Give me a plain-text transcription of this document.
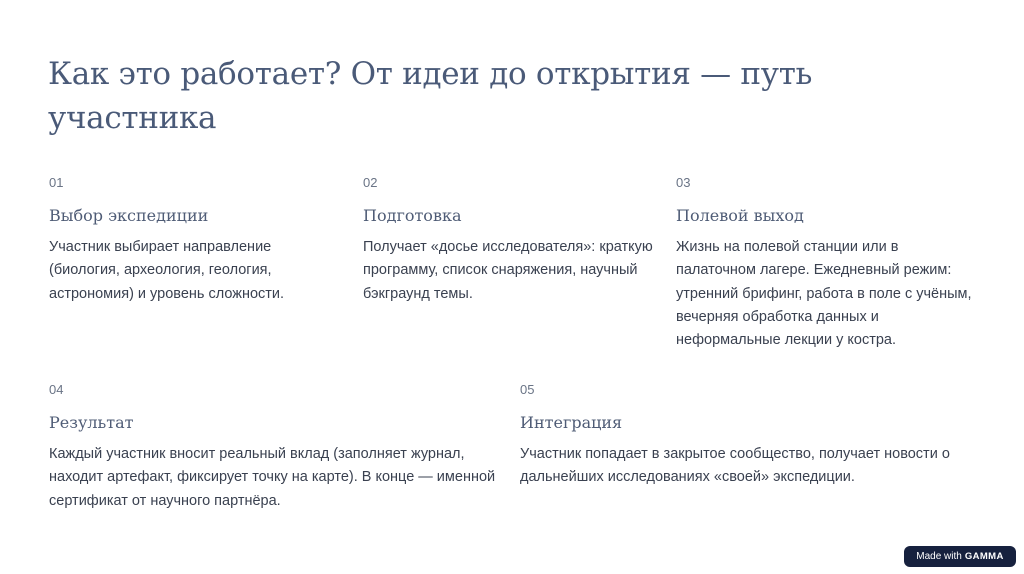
Как это работает? От идеи до открытия — путь участника
01
Выбор экспедиции
Участник выбирает направление (биология, археология, геология, астрономия) и уровень сложности.
02
Подготовка
Получает «досье исследователя»: краткую программу, список снаряжения, научный бэкграунд темы.
03
Полевой выход
Жизнь на полевой станции или в палаточном лагере. Ежедневный режим: утренний брифинг, работа в поле с учёным, вечерняя обработка данных и неформальные лекции у костра.
04
Результат
Каждый участник вносит реальный вклад (заполняет журнал, находит артефакт, фиксирует точку на карте). В конце — именной сертификат от научного партнёра.
05
Интеграция
Участник попадает в закрытое сообщество, получает новости о дальнейших исследованиях «своей» экспедиции.
Made with GAMMA
